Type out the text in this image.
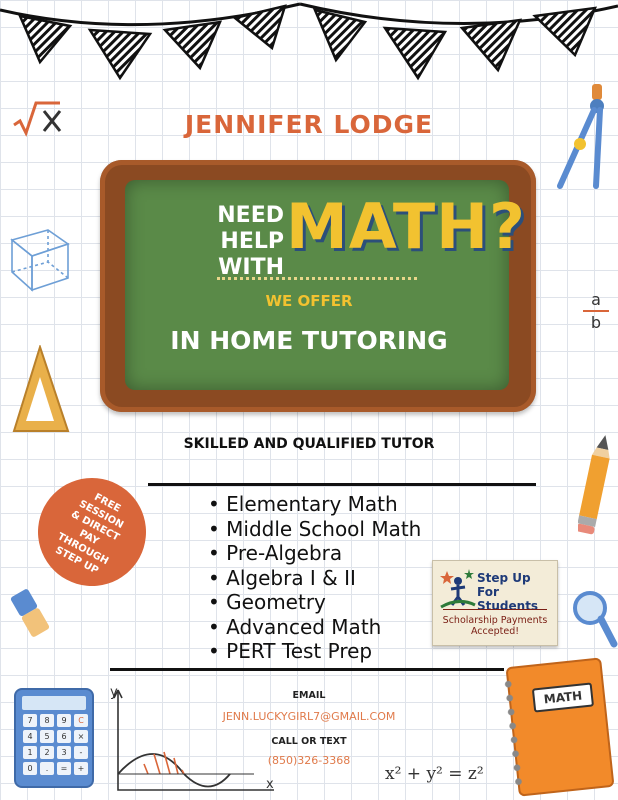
a
b
JENNIFER LODGE
NEED HELP
WITH
MATH?
WE OFFER
IN HOME TUTORING
SKILLED AND QUALIFIED TUTOR
FREE
SESSION
& DIRECT PAY
THROUGH
STEP UP
• Elementary Math
• Middle School Math
• Pre-Algebra
• Algebra I & II
• Geometry
• Advanced Math
• PERT Test Prep
Step Up
For Students
Scholarship Payments
Accepted!
7	8	9	C
4	5	6	×
1	2	3	-
0	.	=	+
y
x
EMAIL
JENN.LUCKYGIRL7@GMAIL.COM
CALL OR TEXT
(850)326-3368
x² + y² = z²
MATH
